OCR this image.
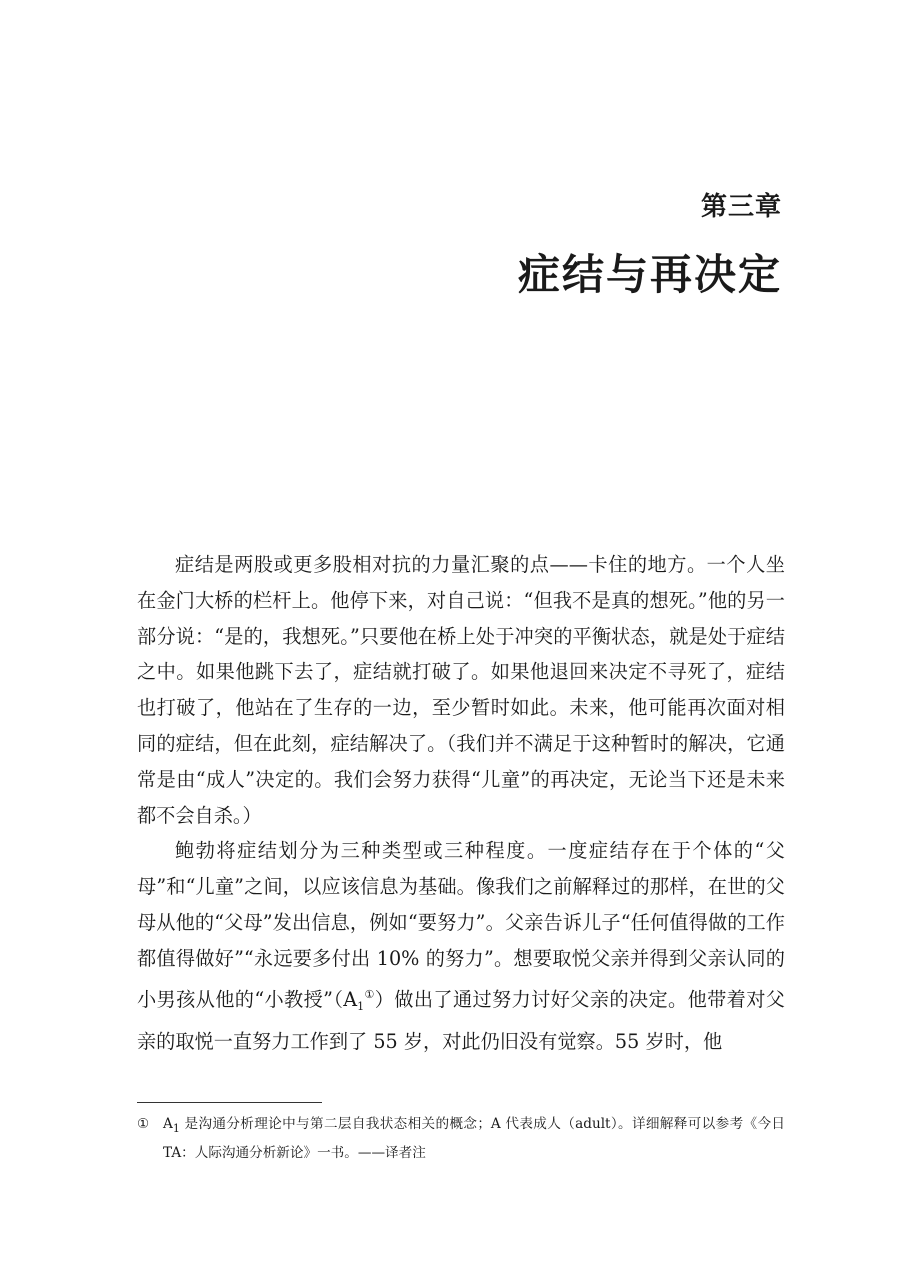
第三章
症结与再决定

症结是两股或更多股相对抗的力量汇聚的点——卡住的地方。一个人坐在金门大桥的栏杆上。他停下来，对自己说：“但我不是真的想死。”他的另一部分说：“是的，我想死。”只要他在桥上处于冲突的平衡状态，就是处于症结之中。如果他跳下去了，症结就打破了。如果他退回来决定不寻死了，症结也打破了，他站在了生存的一边，至少暂时如此。未来，他可能再次面对相同的症结，但在此刻，症结解决了。（我们并不满足于这种暂时的解决，它通常是由“成人”决定的。我们会努力获得“儿童”的再决定，无论当下还是未来都不会自杀。）

鲍勃将症结划分为三种类型或三种程度。一度症结存在于个体的“父母”和“儿童”之间，以应该信息为基础。像我们之前解释过的那样，在世的父母从他的“父母”发出信息，例如“要努力”。父亲告诉儿子“任何值得做的工作都值得做好”“永远要多付出 10% 的努力”。想要取悦父亲并得到父亲认同的小男孩从他的“小教授$”(A_1^①)$做出了通过努力讨好父亲的决定。他带着对父亲的取悦一直努力工作到了 55 岁，对此仍旧没有觉察。55 岁时，他

① $A_1$ 是沟通分析理论中与第二层自我状态相关的概念；A 代表成人（adult）。详细解释可以参考《今日 TA：人际沟通分析新论》一书。——译者注
